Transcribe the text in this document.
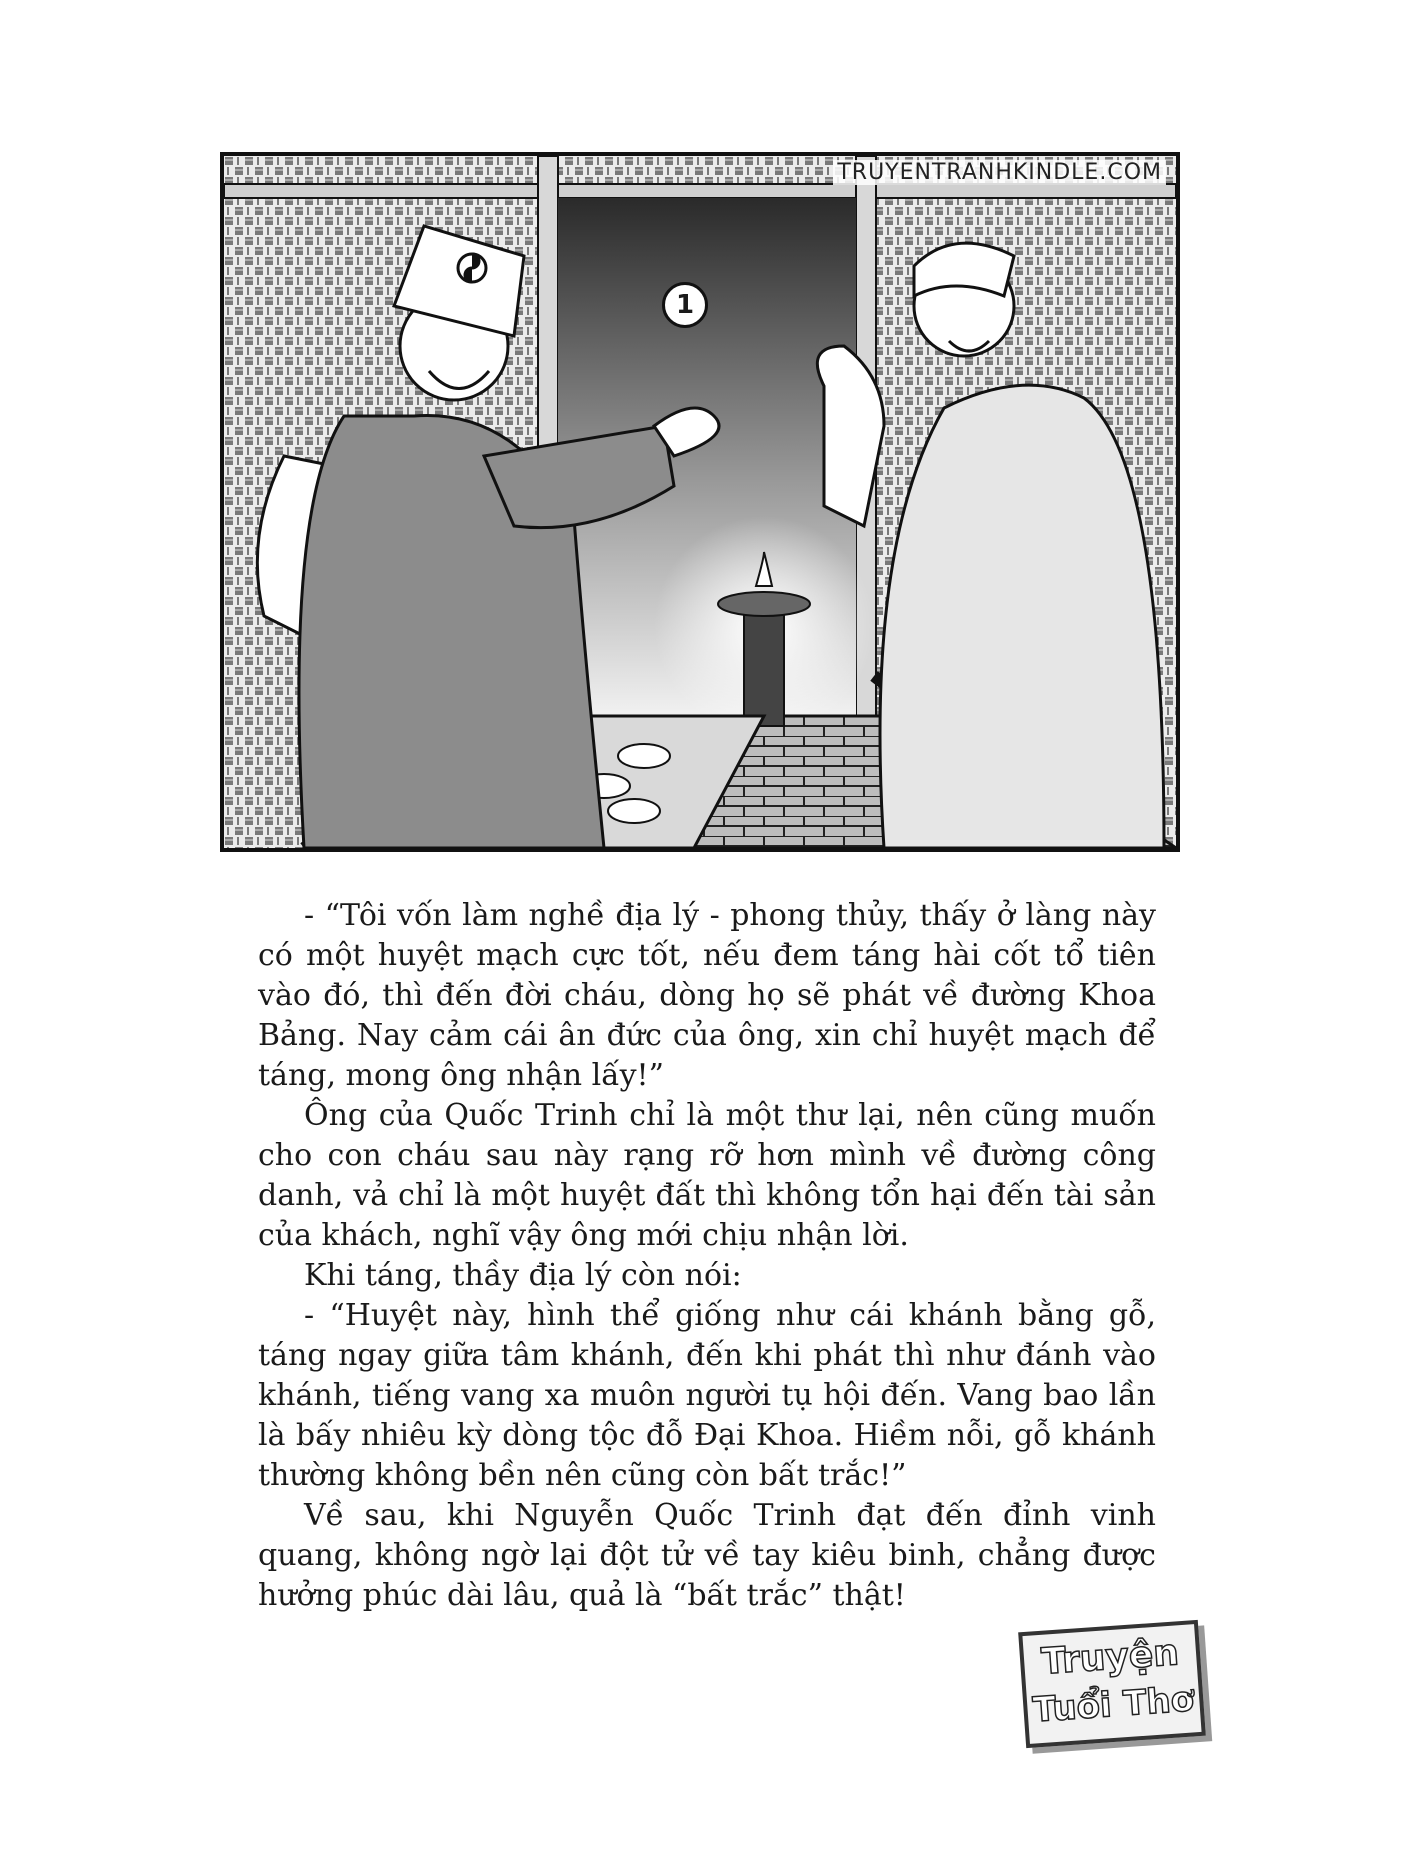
TRUYENTRANHKINDLE.COM
1

- “Tôi vốn làm nghề địa lý - phong thủy, thấy ở làng này có một huyệt mạch cực tốt, nếu đem táng hài cốt tổ tiên vào đó, thì đến đời cháu, dòng họ sẽ phát về đường Khoa Bảng. Nay cảm cái ân đức của ông, xin chỉ huyệt mạch để táng, mong ông nhận lấy!”

Ông của Quốc Trinh chỉ là một thư lại, nên cũng muốn cho con cháu sau này rạng rỡ hơn mình về đường công danh, vả chỉ là một huyệt đất thì không tổn hại đến tài sản của khách, nghĩ vậy ông mới chịu nhận lời.

Khi táng, thầy địa lý còn nói:

- “Huyệt này, hình thể giống như cái khánh bằng gỗ, táng ngay giữa tâm khánh, đến khi phát thì như đánh vào khánh, tiếng vang xa muôn người tụ hội đến. Vang bao lần là bấy nhiêu kỳ dòng tộc đỗ Đại Khoa. Hiềm nỗi, gỗ khánh thường không bền nên cũng còn bất trắc!”

Về sau, khi Nguyễn Quốc Trinh đạt đến đỉnh vinh quang, không ngờ lại đột tử về tay kiêu binh, chẳng được hưởng phúc dài lâu, quả là “bất trắc” thật!

Truyện
Tuổi Thơ
